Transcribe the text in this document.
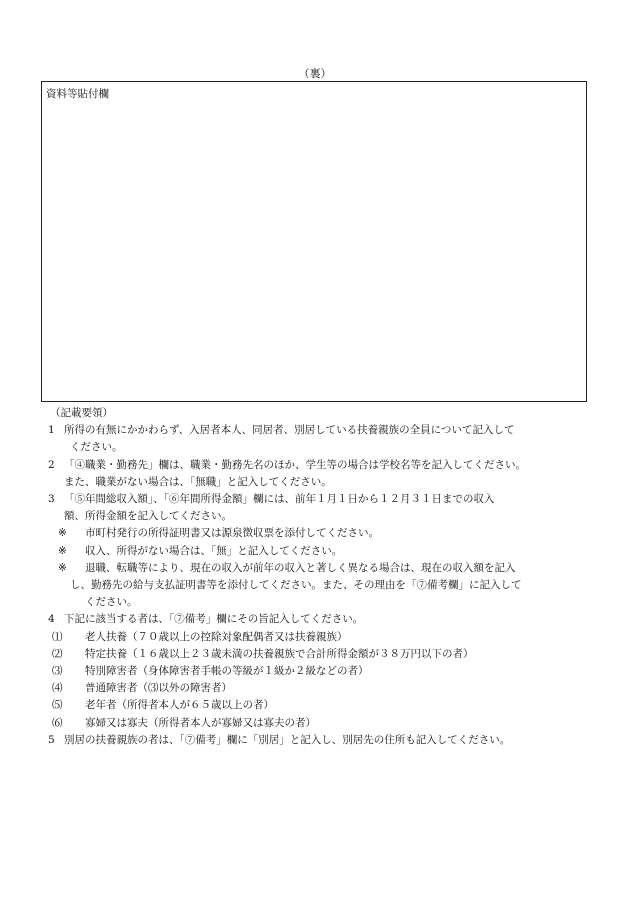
（裏）
資料等貼付欄
（記載要領）
1 所得の有無にかかわらず、入居者本人、同居者、別居している扶養親族の全員について記入して
ください。
2 「④職業・勤務先」欄は、職業・勤務先名のほか、学生等の場合は学校名等を記入してください。
また、職業がない場合は、「無職」と記入してください。
3 「⑤年間総収入額」、「⑥年間所得金額」欄には、前年１月１日から１２月３１日までの収入
額、所得金額を記入してください。
※ 市町村発行の所得証明書又は源泉徴収票を添付してください。
※ 収入、所得がない場合は、「無」と記入してください。
※ 退職、転職等により、現在の収入が前年の収入と著しく異なる場合は、現在の収入額を記入
し、勤務先の給与支払証明書等を添付してください。また、その理由を「⑦備考欄」に記入して
ください。
4 下記に該当する者は、「⑦備考」欄にその旨記入してください。
⑴ 老人扶養（７０歳以上の控除対象配偶者又は扶養親族）
⑵ 特定扶養（１６歳以上２３歳未満の扶養親族で合計所得金額が３８万円以下の者）
⑶ 特別障害者（身体障害者手帳の等級が１級か２級などの者）
⑷ 普通障害者（⑶以外の障害者）
⑸ 老年者（所得者本人が６５歳以上の者）
⑹ 寡婦又は寡夫（所得者本人が寡婦又は寡夫の者）
5 別居の扶養親族の者は、「⑦備考」欄に「別居」と記入し、別居先の住所も記入してください。
